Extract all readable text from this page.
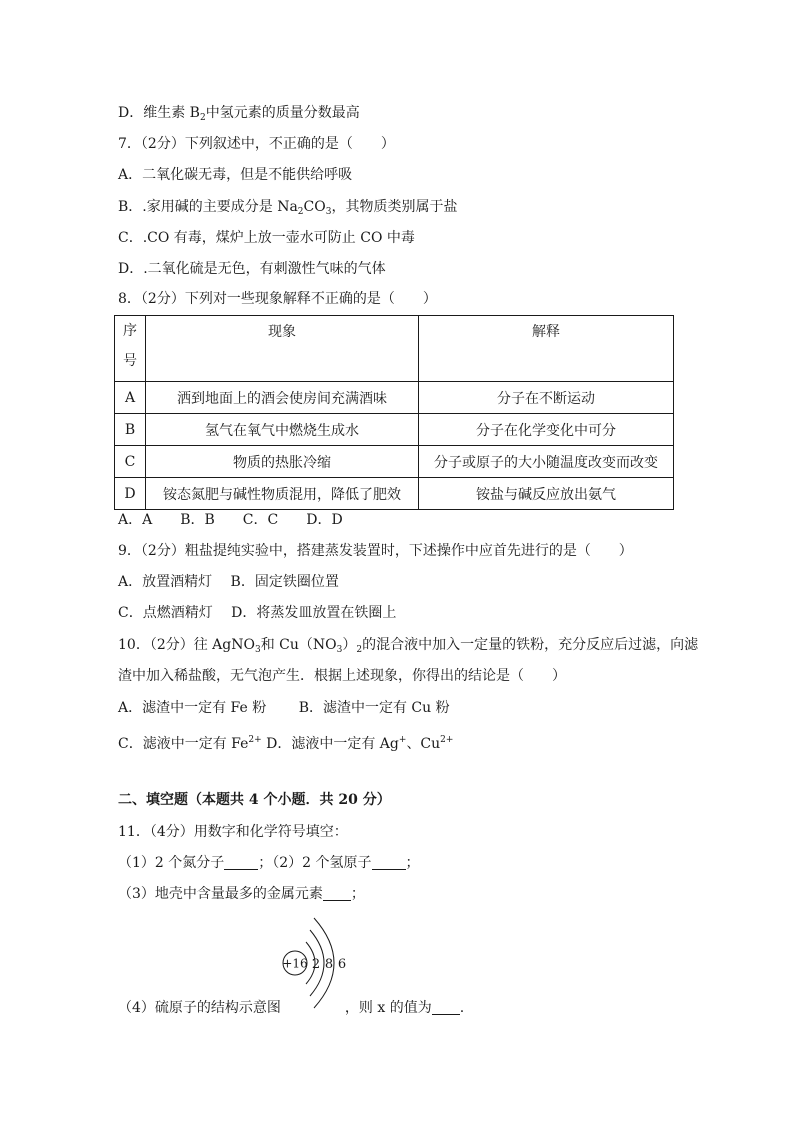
D．维生素 $B_2$中氢元素的质量分数最高
7．（2分）下列叙述中，不正确的是（　　）
A．二氧化碳无毒，但是不能供给呼吸
B．.家用碱的主要成分是 $Na_2CO_3$，其物质类别属于盐
C．.CO 有毒，煤炉上放一壶水可防止 CO 中毒
D．.二氧化硫是无色，有刺激性气味的气体
8．（2分）下列对一些现象解释不正确的是（　　）
序号	现象	解释
A	洒到地面上的酒会使房间充满酒味	分子在不断运动
B	氢气在氧气中燃烧生成水	分子在化学变化中可分
C	物质的热胀冷缩	分子或原子的大小随温度改变而改变
D	铵态氮肥与碱性物质混用，降低了肥效	铵盐与碱反应放出氨气
A．A　　B．B　　C．C　　D．D
9．（2分）粗盐提纯实验中，搭建蒸发装置时，下述操作中应首先进行的是（　　）
A．放置酒精灯　 B．固定铁圈位置
C．点燃酒精灯　 D．将蒸发皿放置在铁圈上
10．（2分）往 AgNO$_3$和 $Cu(NO_3)_2$的混合液中加入一定量的铁粉，充分反应后过滤，向滤
渣中加入稀盐酸，无气泡产生．根据上述现象，你得出的结论是（　　）
A．滤渣中一定有 Fe 粉　　 B．滤渣中一定有 Cu 粉
C．滤液中一定有 $Fe^{2+}$ D．滤液中一定有 Ag+、$Cu^{2+}$
二、填空题（本题共 4 个小题．共 20 分）
11．（4分）用数字和化学符号填空：
（1）2 个氮分子 ；（2）2 个氢原子 ；
（3）地壳中含量最多的金属元素 ；
+16 2 8 6
（4）硫原子的结构示意图	，则 x 的值为 .
